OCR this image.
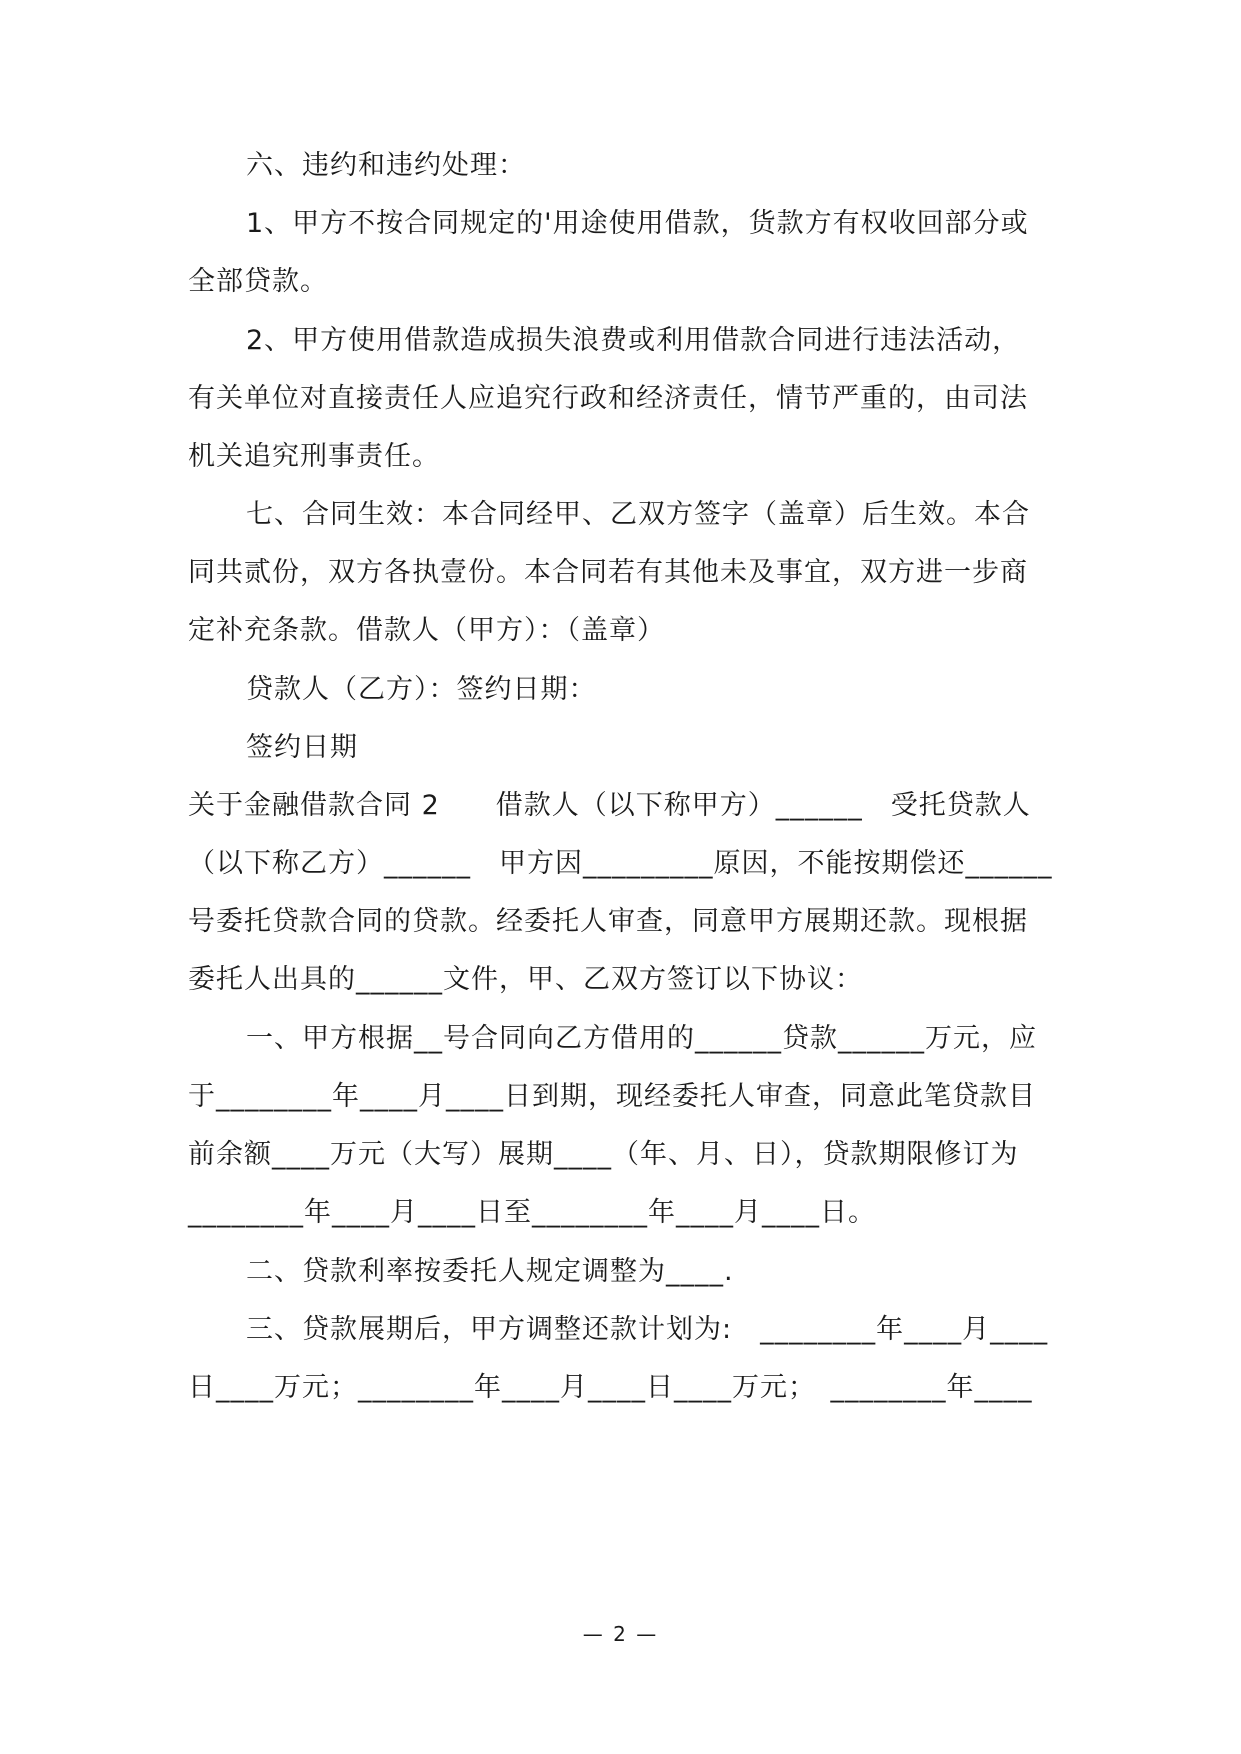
六、违约和违约处理：
1、甲方不按合同规定的'用途使用借款，货款方有权收回部分或
全部贷款。
2、甲方使用借款造成损失浪费或利用借款合同进行违法活动，
有关单位对直接责任人应追究行政和经济责任，情节严重的，由司法
机关追究刑事责任。
七、合同生效：本合同经甲、乙双方签字（盖章）后生效。本合
同共贰份，双方各执壹份。本合同若有其他未及事宜，双方进一步商
定补充条款。借款人（甲方）：（盖章）
贷款人（乙方）：签约日期：
签约日期
关于金融借款合同 2　　借款人（以下称甲方）______　受托贷款人
（以下称乙方）______　甲方因_________原因，不能按期偿还______
号委托贷款合同的贷款。经委托人审查，同意甲方展期还款。现根据
委托人出具的______文件，甲、乙双方签订以下协议：
一、甲方根据__号合同向乙方借用的______贷款______万元，应
于________年____月____日到期，现经委托人审查，同意此笔贷款目
前余额____万元（大写）展期____（年、月、日），贷款期限修订为
________年____月____日至________年____月____日。
二、贷款利率按委托人规定调整为____.
三、贷款展期后，甲方调整还款计划为:　________年____月____
日____万元；________年____月____日____万元；　________年____
— 2 —
